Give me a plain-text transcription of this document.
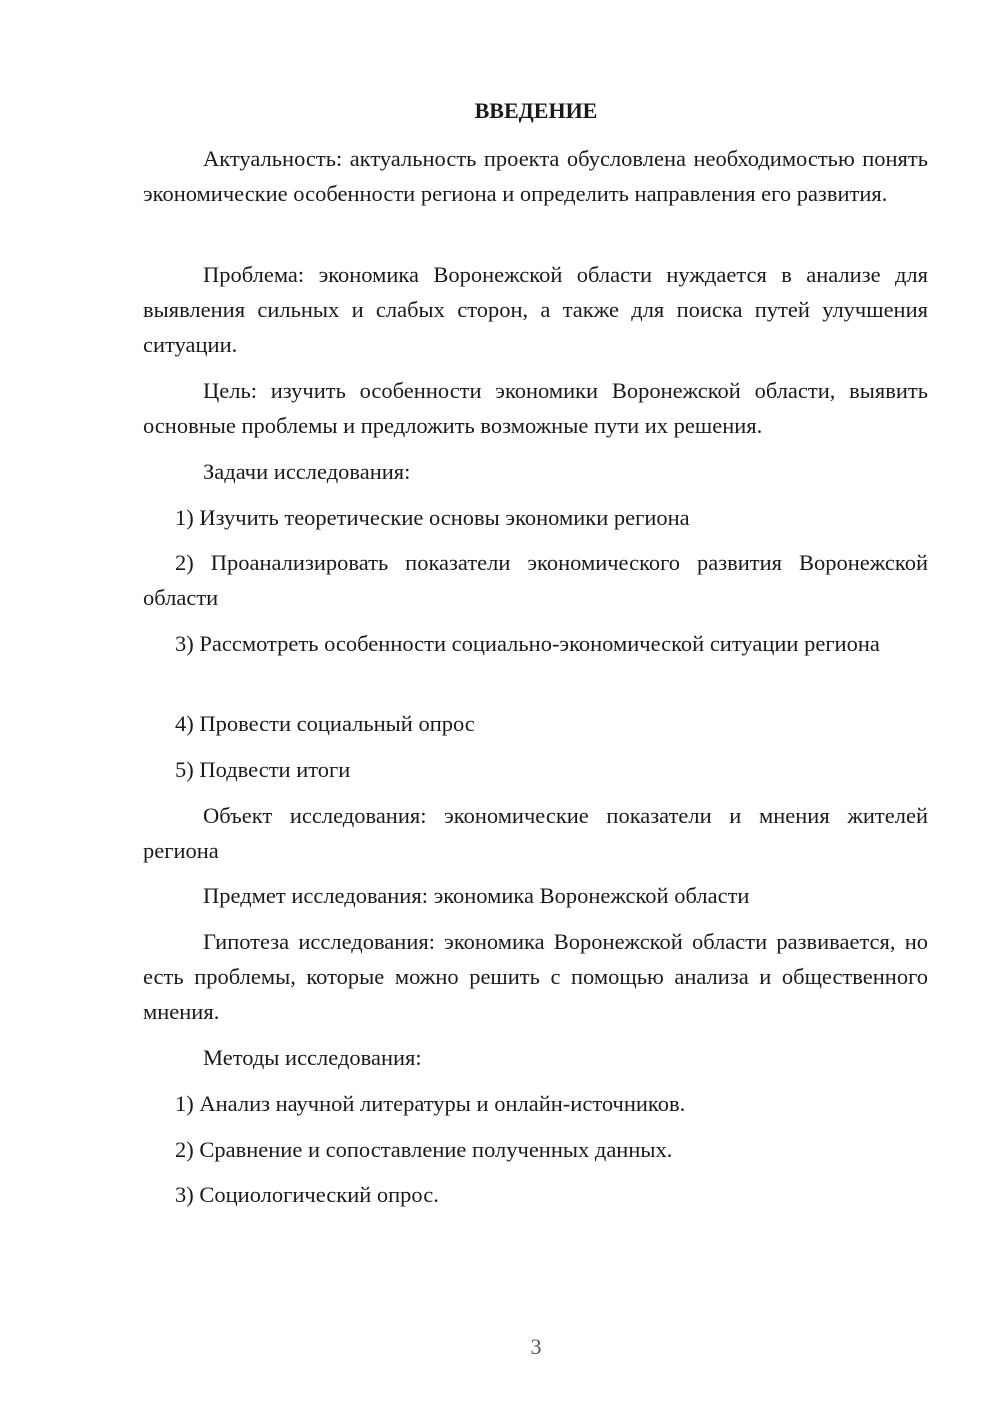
ВВЕДЕНИЕ

Актуальность: актуальность проекта обусловлена необходимостью понять экономические особенности региона и определить направления его развития.

Проблема: экономика Воронежской области нуждается в анализе для выявления сильных и слабых сторон, а также для поиска путей улучшения ситуации.

Цель: изучить особенности экономики Воронежской области, выявить основные проблемы и предложить возможные пути их решения.

Задачи исследования:

1) Изучить теоретические основы экономики региона

2) Проанализировать показатели экономического развития Воронежской области

3) Рассмотреть особенности социально-экономической ситуации региона

4) Провести социальный опрос

5) Подвести итоги

Объект исследования: экономические показатели и мнения жителей региона

Предмет исследования: экономика Воронежской области

Гипотеза исследования: экономика Воронежской области развивается, но есть проблемы, которые можно решить с помощью анализа и общественного мнения.

Методы исследования:

1) Анализ научной литературы и онлайн-источников.

2) Сравнение и сопоставление полученных данных.

3) Социологический опрос.

3
